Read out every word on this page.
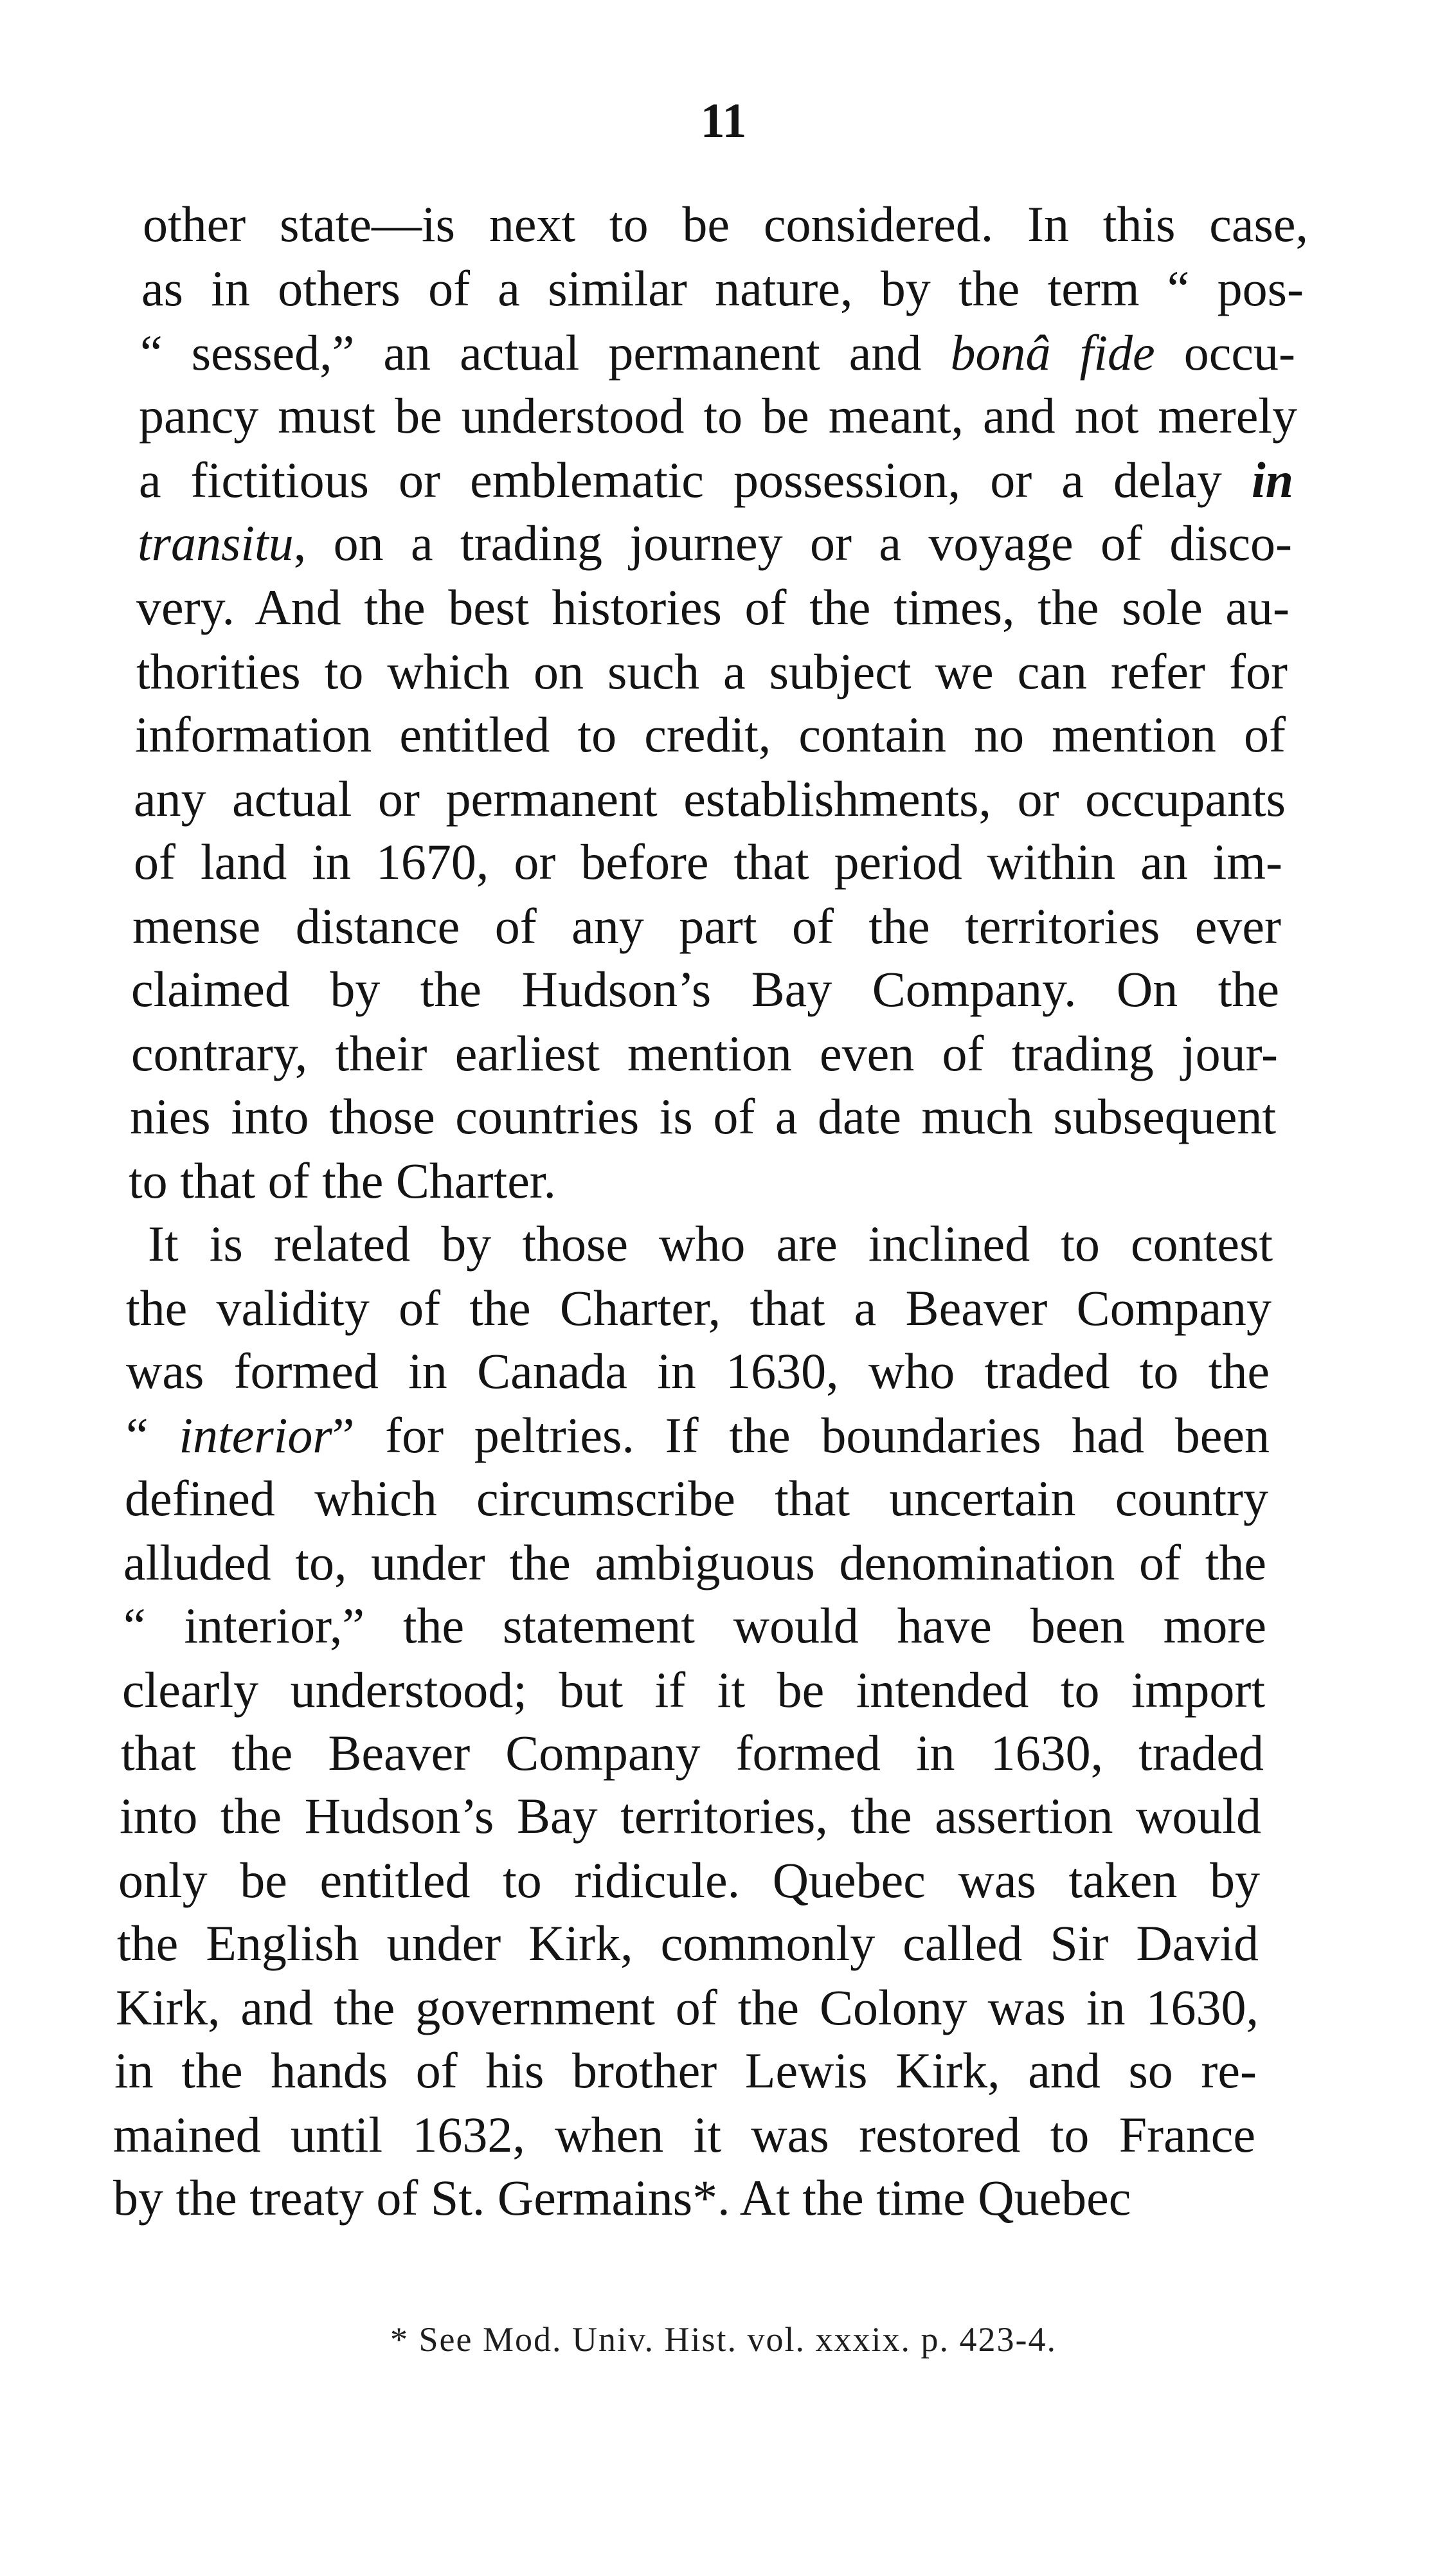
11
other state—is next to be considered. In this case,
as in others of a similar nature, by the term “ pos-
“ sessed,” an actual permanent and bonâ fide occu-
pancy must be understood to be meant, and not merely
a fictitious or emblematic possession, or a delay in
transitu, on a trading journey or a voyage of disco-
very. And the best histories of the times, the sole au-
thorities to which on such a subject we can refer for
information entitled to credit, contain no mention of
any actual or permanent establishments, or occupants
of land in 1670, or before that period within an im-
mense distance of any part of the territories ever
claimed by the Hudson’s Bay Company. On the
contrary, their earliest mention even of trading jour-
nies into those countries is of a date much subsequent
to that of the Charter.
It is related by those who are inclined to contest
the validity of the Charter, that a Beaver Company
was formed in Canada in 1630, who traded to the
“ interior” for peltries. If the boundaries had been
defined which circumscribe that uncertain country
alluded to, under the ambiguous denomination of the
“ interior,” the statement would have been more
clearly understood; but if it be intended to import
that the Beaver Company formed in 1630, traded
into the Hudson’s Bay territories, the assertion would
only be entitled to ridicule. Quebec was taken by
the English under Kirk, commonly called Sir David
Kirk, and the government of the Colony was in 1630,
in the hands of his brother Lewis Kirk, and so re-
mained until 1632, when it was restored to France
by the treaty of St. Germains*. At the time Quebec
* See Mod. Univ. Hist. vol. xxxix. p. 423-4.
